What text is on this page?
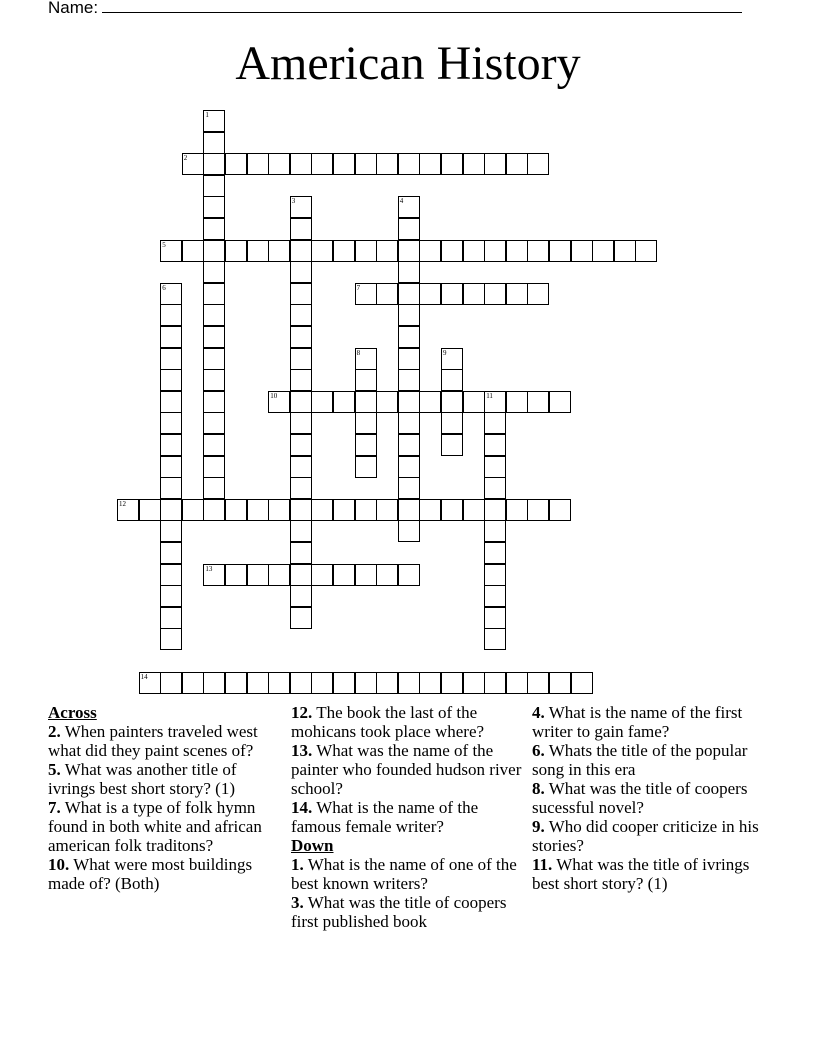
Name:
American History
1
2
3	4
5
6	7
8	9
10	11
12
13
14

Across

2. When painters traveled west what did they paint scenes of?

5. What was another title of ivrings best short story? (1)

7. What is a type of folk hymn found in both white and african american folk traditons?

10. What were most buildings made of? (Both)

12. The book the last of the mohicans took place where?

13. What was the name of the painter who founded hudson river school?

14. What is the name of the famous female writer?

Down

1. What is the name of one of the best known writers?

3. What was the title of coopers first published book

4. What is the name of the first writer to gain fame?

6. Whats the title of the popular song in this era

8. What was the title of coopers sucessful novel?

9. Who did cooper criticize in his stories?

11. What was the title of ivrings best short story? (1)
